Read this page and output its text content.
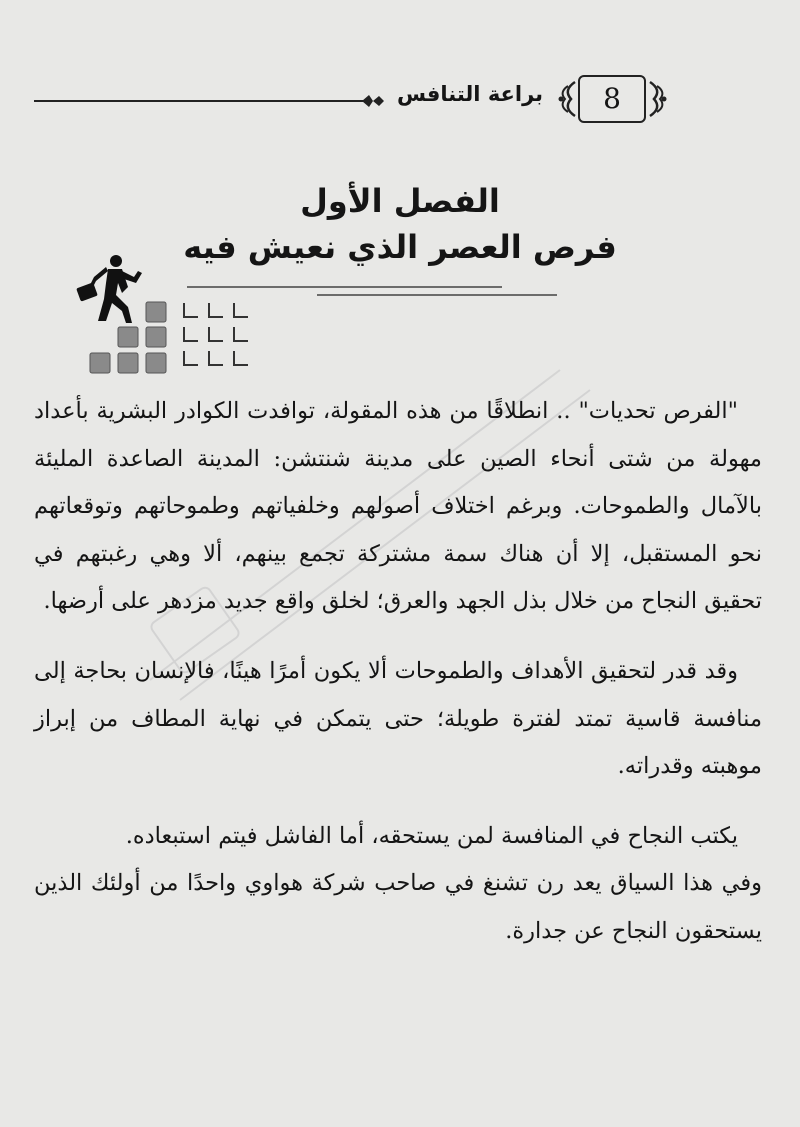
براعة التنافس	8
الفصل الأول
فرص العصر الذي نعيش فيه

"الفرص تحديات" .. انطلاقًا من هذه المقولة، توافدت الكوادر البشرية بأعداد مهولة من شتى أنحاء الصين على مدينة شنتشن: المدينة الصاعدة المليئة بالآمال والطموحات. وبرغم اختلاف أصولهم وخلفياتهم وطموحاتهم وتوقعاتهم نحو المستقبل، إلا أن هناك سمة مشتركة تجمع بينهم، ألا وهي رغبتهم في تحقيق النجاح من خلال بذل الجهد والعرق؛ لخلق واقع جديد مزدهر على أرضها.

وقد قدر لتحقيق الأهداف والطموحات ألا يكون أمرًا هينًا، فالإنسان بحاجة إلى منافسة قاسية تمتد لفترة طويلة؛ حتى يتمكن في نهاية المطاف من إبراز موهبته وقدراته.

يكتب النجاح في المنافسة لمن يستحقه، أما الفاشل فيتم استبعاده.

وفي هذا السياق يعد رن تشنغ في صاحب شركة هواوي واحدًا من أولئك الذين يستحقون النجاح عن جدارة.
